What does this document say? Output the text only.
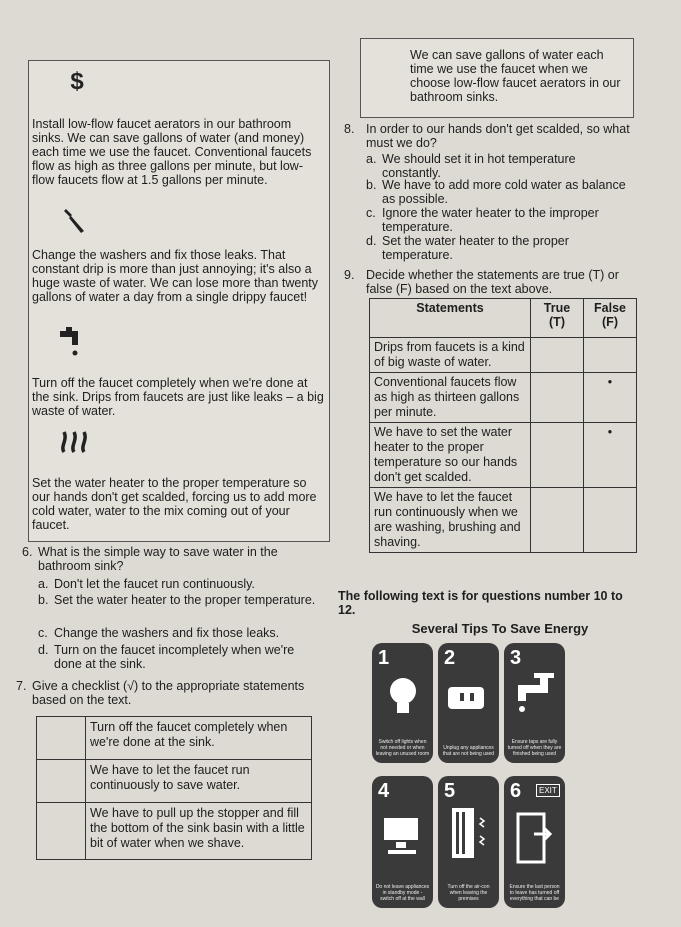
$
Install low-flow faucet aerators in our bathroom sinks. We can save gallons of water (and money) each time we use the faucet. Conventional faucets flow as high as three gallons per minute, but low-flow faucets flow at 1.5 gallons per minute.
Change the washers and fix those leaks. That constant drip is more than just annoying; it's also a huge waste of water. We can lose more than twenty gallons of water a day from a single drippy faucet!
Turn off the faucet completely when we're done at the sink. Drips from faucets are just like leaks – a big waste of water.
Set the water heater to the proper temperature so our hands don't get scalded, forcing us to add more cold water, water to the mix coming out of your faucet.
6. What is the simple way to save water in the bathroom sink?
a. Don't let the faucet run continuously.
b. Set the water heater to the proper temperature.
c. Change the washers and fix those leaks.
d. Turn on the faucet incompletely when we're done at the sink.
7. Give a checklist (√) to the appropriate statements based on the text.
	Turn off the faucet completely when we're done at the sink.
	We have to let the faucet run continuously to save water.
	We have to pull up the stopper and fill the bottom of the sink basin with a little bit of water when we shave.
We can save gallons of water each time we use the faucet when we choose low-flow faucet aerators in our bathroom sinks.
8. In order to our hands don't get scalded, so what must we do?
a. We should set it in hot temperature constantly.
b. We have to add more cold water as balance as possible.
c. Ignore the water heater to the improper temperature.
d. Set the water heater to the proper temperature.
9. Decide whether the statements are true (T) or false (F) based on the text above.
Statements	True (T)	False (F)
Drips from faucets is a kind of big waste of water.		
Conventional faucets flow as high as thirteen gallons per minute.		•
We have to set the water heater to the proper temperature so our hands don't get scalded.		•
We have to let the faucet run continuously when we are washing, brushing and shaving.		
The following text is for questions number 10 to 12.
Several Tips To Save Energy
1
Switch off lights when not needed or when leaving an unused room
2
Unplug any appliances that are not being used
3
Ensure taps are fully turned off when they are finished being used
4
Do not leave appliances in standby mode - switch off at the wall
5
Turn off the air-con when leaving the premises
6	EXIT
Ensure the last person to leave has turned off everything that can be
